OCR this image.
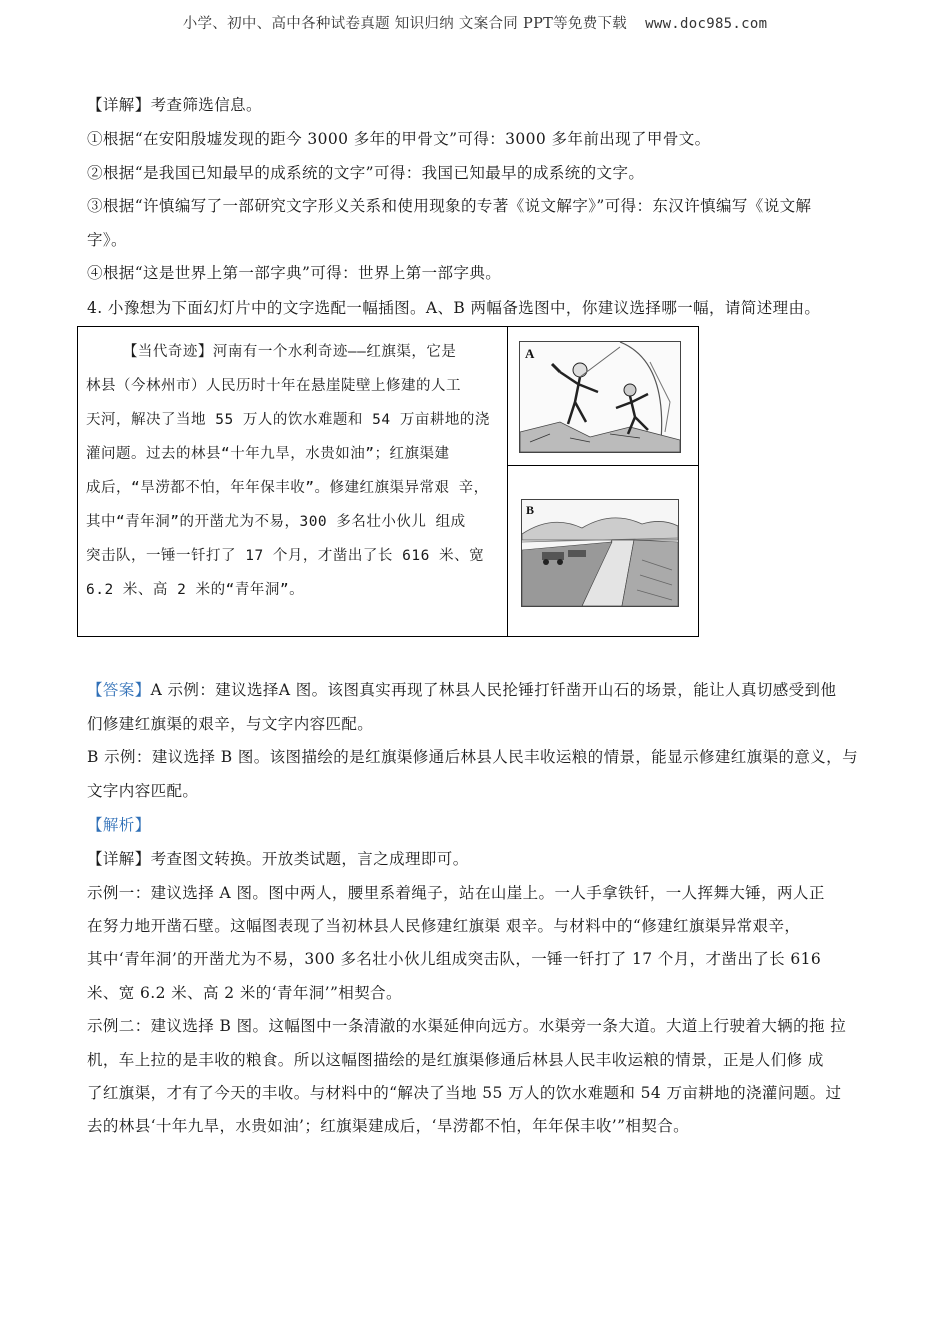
小学、初中、高中各种试卷真题 知识归纳 文案合同 PPT等免费下载 www.doc985.com
【详解】考查筛选信息。
①根据“在安阳殷墟发现的距今 3000 多年的甲骨文”可得：3000 多年前出现了甲骨文。
②根据“是我国已知最早的成系统的文字”可得：我国已知最早的成系统的文字。
③根据“许慎编写了一部研究文字形义关系和使用现象的专著《说文解字》”可得：东汉许慎编写《说文解
字》。
④根据“这是世界上第一部字典”可得：世界上第一部字典。
4. 小豫想为下面幻灯片中的文字选配一幅插图。A、B 两幅备选图中，你建议选择哪一幅，请简述理由。
【当代奇迹】河南有一个水利奇迹——红旗渠，它是
林县（今林州市）人民历时十年在悬崖陡壁上修建的人工
天河，解决了当地 55 万人的饮水难题和 54 万亩耕地的浇
灌问题。过去的林县“十年九旱，水贵如油”；红旗渠建
成后，“旱涝都不怕，年年保丰收”。修建红旗渠异常艰 辛，
其中“青年洞”的开凿尤为不易，300 多名壮小伙儿 组成
突击队，一锤一钎打了 17 个月，才凿出了长 616 米、宽
6.2 米、高 2 米的“青年洞”。
A
B
【答案】A 示例：建议选择A 图。该图真实再现了林县人民抡锤打钎凿开山石的场景，能让人真切感受到他
们修建红旗渠的艰辛，与文字内容匹配。
B 示例：建议选择 B 图。该图描绘的是红旗渠修通后林县人民丰收运粮的情景，能显示修建红旗渠的意义，与
文字内容匹配。
【解析】
【详解】考查图文转换。开放类试题，言之成理即可。
示例一：建议选择 A 图。图中两人，腰里系着绳子，站在山崖上。一人手拿铁钎，一人挥舞大锤，两人正
在努力地开凿石壁。这幅图表现了当初林县人民修建红旗渠 艰辛。与材料中的“修建红旗渠异常艰辛，
其中‘青年洞’的开凿尤为不易，300 多名壮小伙儿组成突击队，一锤一钎打了 17 个月，才凿出了长 616
米、宽 6.2 米、高 2 米的‘青年洞’”相契合。
示例二：建议选择 B 图。这幅图中一条清澈的水渠延伸向远方。水渠旁一条大道。大道上行驶着大辆的拖 拉
机，车上拉的是丰收的粮食。所以这幅图描绘的是红旗渠修通后林县人民丰收运粮的情景，正是人们修 成
了红旗渠，才有了今天的丰收。与材料中的“解决了当地 55 万人的饮水难题和 54 万亩耕地的浇灌问题。过
去的林县‘十年九旱，水贵如油’；红旗渠建成后，‘旱涝都不怕，年年保丰收’”相契合。
